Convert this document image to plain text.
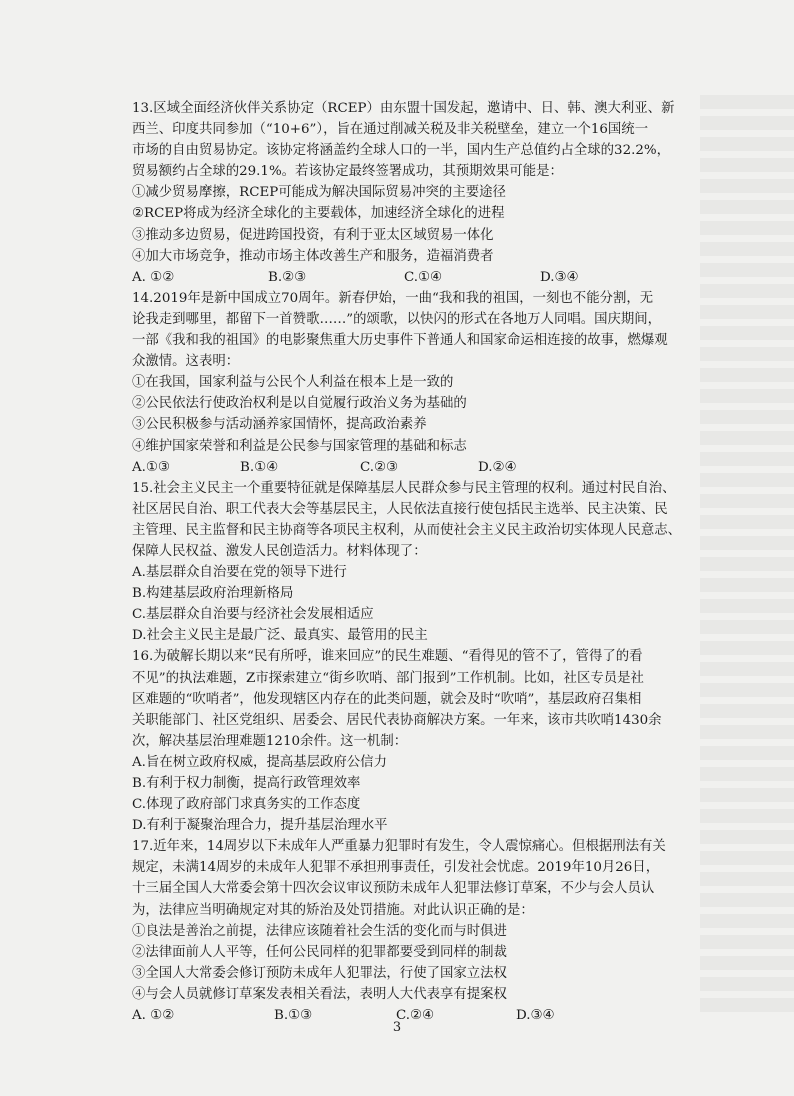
13.区域全面经济伙伴关系协定（RCEP）由东盟十国发起，邀请中、日、韩、澳大利亚、新

西兰、印度共同参加（“10+6”），旨在通过削减关税及非关税壁垒，建立一个16国统一

市场的自由贸易协定。该协定将涵盖约全球人口的一半，国内生产总值约占全球的32.2%，

贸易额约占全球的29.1%。若该协定最终签署成功，其预期效果可能是：

①减少贸易摩擦，RCEP可能成为解决国际贸易冲突的主要途径

②RCEP将成为经济全球化的主要载体，加速经济全球化的进程

③推动多边贸易，促进跨国投资，有利于亚太区域贸易一体化

④加大市场竞争，推动市场主体改善生产和服务，造福消费者

A. ①②	B.②③	C.①④	D.③④

14.2019年是新中国成立70周年。新春伊始，一曲“我和我的祖国，一刻也不能分割，无

论我走到哪里，都留下一首赞歌……”的颂歌，以快闪的形式在各地万人同唱。国庆期间，

一部《我和我的祖国》的电影聚焦重大历史事件下普通人和国家命运相连接的故事，燃爆观

众激情。这表明：

①在我国，国家利益与公民个人利益在根本上是一致的

②公民依法行使政治权利是以自觉履行政治义务为基础的

③公民积极参与活动涵养家国情怀，提高政治素养

④维护国家荣誉和利益是公民参与国家管理的基础和标志

A.①③	B.①④	C.②③	D.②④

15.社会主义民主一个重要特征就是保障基层人民群众参与民主管理的权利。通过村民自治、

社区居民自治、职工代表大会等基层民主，人民依法直接行使包括民主选举、民主决策、民

主管理、民主监督和民主协商等各项民主权利，从而使社会主义民主政治切实体现人民意志、

保障人民权益、激发人民创造活力。材料体现了：

A.基层群众自治要在党的领导下进行

B.构建基层政府治理新格局

C.基层群众自治要与经济社会发展相适应

D.社会主义民主是最广泛、最真实、最管用的民主

16.为破解长期以来“民有所呼，谁来回应”的民生难题、“看得见的管不了，管得了的看

不见”的执法难题，Z市探索建立“街乡吹哨、部门报到”工作机制。比如，社区专员是社

区难题的“吹哨者”，他发现辖区内存在的此类问题，就会及时“吹哨”，基层政府召集相

关职能部门、社区党组织、居委会、居民代表协商解决方案。一年来，该市共吹哨1430余

次，解决基层治理难题1210余件。这一机制：

A.旨在树立政府权威，提高基层政府公信力

B.有利于权力制衡，提高行政管理效率

C.体现了政府部门求真务实的工作态度

D.有利于凝聚治理合力，提升基层治理水平

17.近年来，14周岁以下未成年人严重暴力犯罪时有发生，令人震惊痛心。但根据刑法有关

规定，未满14周岁的未成年人犯罪不承担刑事责任，引发社会忧虑。2019年10月26日，

十三届全国人大常委会第十四次会议审议预防未成年人犯罪法修订草案，不少与会人员认

为，法律应当明确规定对其的矫治及处罚措施。对此认识正确的是：

①良法是善治之前提，法律应该随着社会生活的变化而与时俱进

②法律面前人人平等，任何公民同样的犯罪都要受到同样的制裁

③全国人大常委会修订预防未成年人犯罪法，行使了国家立法权

④与会人员就修订草案发表相关看法，表明人大代表享有提案权

A. ①②	B.①③	C.②④	D.③④
3
